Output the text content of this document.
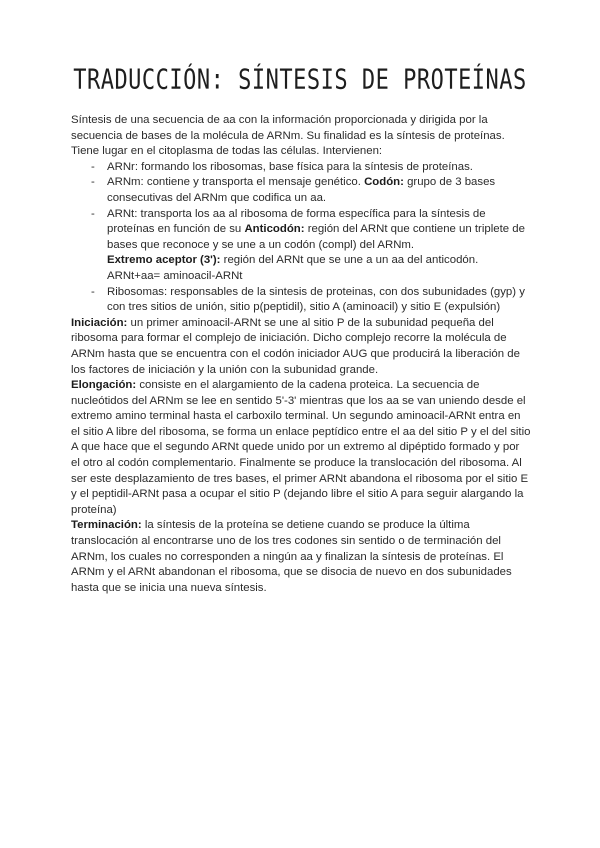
TRADUCCIÓN: SÍNTESIS DE PROTEÍNAS

Síntesis de una secuencia de aa con la información proporcionada y dirigida por la secuencia de bases de la molécula de ARNm. Su finalidad es la síntesis de proteínas. Tiene lugar en el citoplasma de todas las células. Intervienen:

- ARNr: formando los ribosomas, base física para la síntesis de proteínas.
- ARNm: contiene y transporta el mensaje genético. Codón: grupo de 3 bases consecutivas del ARNm que codifica un aa.
- ARNt: transporta los aa al ribosoma de forma específica para la síntesis de proteínas en función de su Anticodón: región del ARNt que contiene un triplete de bases que reconoce y se une a un codón (compl) del ARNm.
Extremo aceptor (3'): región del ARNt que se une a un aa del anticodón.
ARNt+aa= aminoacil-ARNt
- Ribosomas: responsables de la sintesis de proteinas, con dos subunidades (gyp) y con tres sitios de unión, sitio p(peptidil), sitio A (aminoacil) y sitio E (expulsión)

Iniciación: un primer aminoacil-ARNt se une al sitio P de la subunidad pequeña del ribosoma para formar el complejo de iniciación. Dicho complejo recorre la molécula de ARNm hasta que se encuentra con el codón iniciador AUG que producirá la liberación de los factores de iniciación y la unión con la subunidad grande.

Elongación: consiste en el alargamiento de la cadena proteica. La secuencia de nucleótidos del ARNm se lee en sentido 5'-3' mientras que los aa se van uniendo desde el extremo amino terminal hasta el carboxilo terminal. Un segundo aminoacil-ARNt entra en el sitio A libre del ribosoma, se forma un enlace peptídico entre el aa del sitio P y el del sitio A que hace que el segundo ARNt quede unido por un extremo al dipéptido formado y por el otro al codón complementario. Finalmente se produce la translocación del ribosoma. Al ser este desplazamiento de tres bases, el primer ARNt abandona el ribosoma por el sitio E y el peptidil-ARNt pasa a ocupar el sitio P (dejando libre el sitio A para seguir alargando la proteína)

Terminación: la síntesis de la proteína se detiene cuando se produce la última translocación al encontrarse uno de los tres codones sin sentido o de terminación del ARNm, los cuales no corresponden a ningún aa y finalizan la síntesis de proteínas. El ARNm y el ARNt abandonan el ribosoma, que se disocia de nuevo en dos subunidades hasta que se inicia una nueva síntesis.
